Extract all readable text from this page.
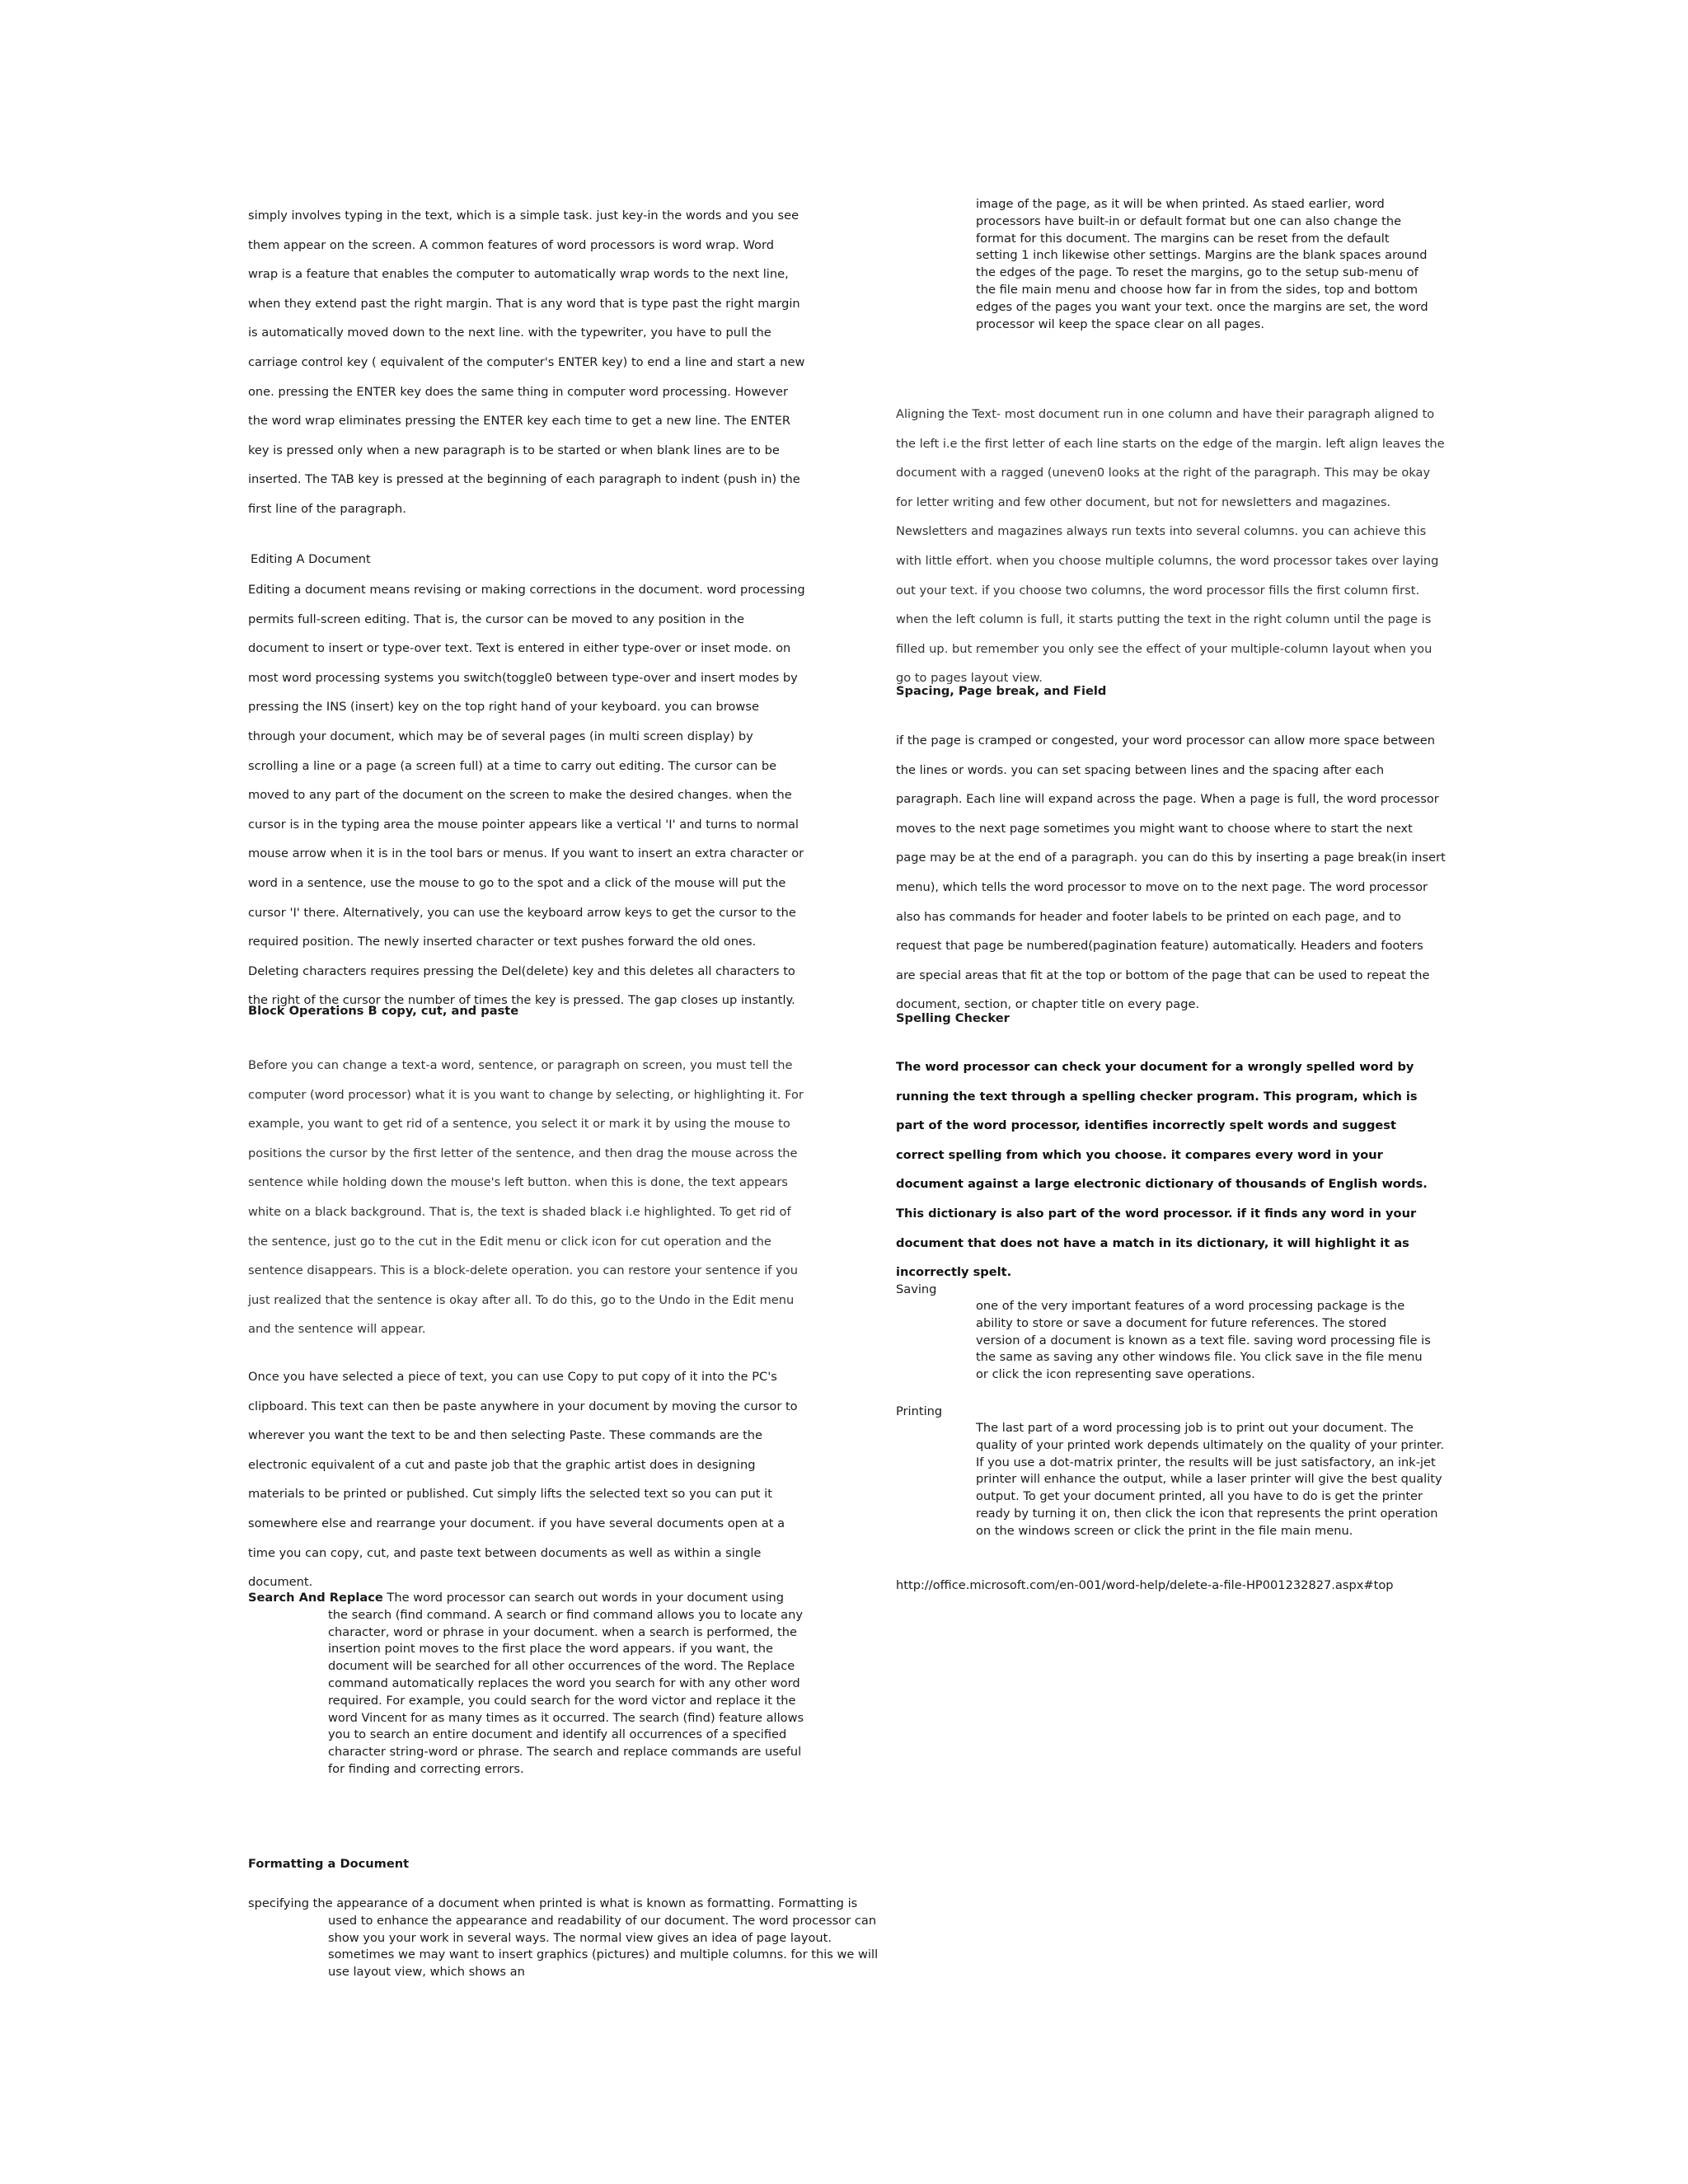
simply involves typing in the text, which is a simple task. just key-in the words and you see them appear on the screen. A common features of word processors is word wrap. Word wrap is a feature that enables the computer to automatically wrap words to the next line, when they extend past the right margin. That is any word that is type past the right margin is automatically moved down to the next line. with the typewriter, you have to pull the carriage control key ( equivalent of the computer's ENTER key) to end a line and start a new one. pressing the ENTER key does the same thing in computer word processing. However the word wrap eliminates pressing the ENTER key each time to get a new line. The ENTER key is pressed only when a new paragraph is to be started or when blank lines are to be inserted. The TAB key is pressed at the beginning of each paragraph to indent (push in) the first line of the paragraph.

Editing A Document

Editing a document means revising or making corrections in the document. word processing permits full-screen editing. That is, the cursor can be moved to any position in the document to insert or type-over text. Text is entered in either type-over or inset mode. on most word processing systems you switch(toggle0 between type-over and insert modes by pressing the INS (insert) key on the top right hand of your keyboard. you can browse through your document, which may be of several pages (in multi screen display) by scrolling a line or a page (a screen full) at a time to carry out editing. The cursor can be moved to any part of the document on the screen to make the desired changes. when the cursor is in the typing area the mouse pointer appears like a vertical 'I' and turns to normal mouse arrow when it is in the tool bars or menus. If you want to insert an extra character or word in a sentence, use the mouse to go to the spot and a click of the mouse will put the cursor 'I' there. Alternatively, you can use the keyboard arrow keys to get the cursor to the required position. The newly inserted character or text pushes forward the old ones. Deleting characters requires pressing the Del(delete) key and this deletes all characters to the right of the cursor the number of times the key is pressed. The gap closes up instantly.

Block Operations B copy, cut, and paste

Before you can change a text-a word, sentence, or paragraph on screen, you must tell the computer (word processor) what it is you want to change by selecting, or highlighting it. For example, you want to get rid of a sentence, you select it or mark it by using the mouse to positions the cursor by the first letter of the sentence, and then drag the mouse across the sentence while holding down the mouse's left button. when this is done, the text appears white on a black background. That is, the text is shaded black i.e highlighted. To get rid of the sentence, just go to the cut in the Edit menu or click icon for cut operation and the sentence disappears. This is a block-delete operation. you can restore your sentence if you just realized that the sentence is okay after all. To do this, go to the Undo in the Edit menu and the sentence will appear.

Once you have selected a piece of text, you can use Copy to put copy of it into the PC's clipboard. This text can then be paste anywhere in your document by moving the cursor to wherever you want the text to be and then selecting Paste. These commands are the electronic equivalent of a cut and paste job that the graphic artist does in designing materials to be printed or published. Cut simply lifts the selected text so you can put it somewhere else and rearrange your document. if you have several documents open at a time you can copy, cut, and paste text between documents as well as within a single document.

Search And Replace The word processor can search out words in your document using the search (find command. A search or find command allows you to locate any character, word or phrase in your document. when a search is performed, the insertion point moves to the first place the word appears. if you want, the document will be searched for all other occurrences of the word. The Replace command automatically replaces the word you search for with any other word required. For example, you could search for the word victor and replace it the word Vincent for as many times as it occurred. The search (find) feature allows you to search an entire document and identify all occurrences of a specified character string-word or phrase. The search and replace commands are useful for finding and correcting errors.

Formatting a Document

specifying the appearance of a document when printed is what is known as formatting. Formatting is used to enhance the appearance and readability of our document. The word processor can show you your work in several ways. The normal view gives an idea of page layout. sometimes we may want to insert graphics (pictures) and multiple columns. for this we will use layout view, which shows an

image of the page, as it will be when printed. As staed earlier, word processors have built-in or default format but one can also change the format for this document. The margins can be reset from the default setting 1 inch likewise other settings. Margins are the blank spaces around the edges of the page. To reset the margins, go to the setup sub-menu of the file main menu and choose how far in from the sides, top and bottom edges of the pages you want your text. once the margins are set, the word processor wil keep the space clear on all pages.

Aligning the Text- most document run in one column and have their paragraph aligned to the left i.e the first letter of each line starts on the edge of the margin. left align leaves the document with a ragged (uneven0 looks at the right of the paragraph. This may be okay for letter writing and few other document, but not for newsletters and magazines. Newsletters and magazines always run texts into several columns. you can achieve this with little effort. when you choose multiple columns, the word processor takes over laying out your text. if you choose two columns, the word processor fills the first column first. when the left column is full, it starts putting the text in the right column until the page is filled up. but remember you only see the effect of your multiple-column layout when you go to pages layout view.

Spacing, Page break, and Field

if the page is cramped or congested, your word processor can allow more space between the lines or words. you can set spacing between lines and the spacing after each paragraph. Each line will expand across the page. When a page is full, the word processor moves to the next page sometimes you might want to choose where to start the next page may be at the end of a paragraph. you can do this by inserting a page break(in insert menu), which tells the word processor to move on to the next page. The word processor also has commands for header and footer labels to be printed on each page, and to request that page be numbered(pagination feature) automatically. Headers and footers are special areas that fit at the top or bottom of the page that can be used to repeat the document, section, or chapter title on every page.

Spelling Checker

The word processor can check your document for a wrongly spelled word by running the text through a spelling checker program. This program, which is part of the word processor, identifies incorrectly spelt words and suggest correct spelling from which you choose. it compares every word in your document against a large electronic dictionary of thousands of English words. This dictionary is also part of the word processor. if it finds any word in your document that does not have a match in its dictionary, it will highlight it as incorrectly spelt.

Saving

one of the very important features of a word processing package is the ability to store or save a document for future references. The stored version of a document is known as a text file. saving word processing file is the same as saving any other windows file. You click save in the file menu or click the icon representing save operations.

Printing

The last part of a word processing job is to print out your document. The quality of your printed work depends ultimately on the quality of your printer. If you use a dot-matrix printer, the results will be just satisfactory, an ink-jet printer will enhance the output, while a laser printer will give the best quality output. To get your document printed, all you have to do is get the printer ready by turning it on, then click the icon that represents the print operation on the windows screen or click the print in the file main menu.

http://office.microsoft.com/en-001/word-help/delete-a-file-HP001232827.aspx#top
